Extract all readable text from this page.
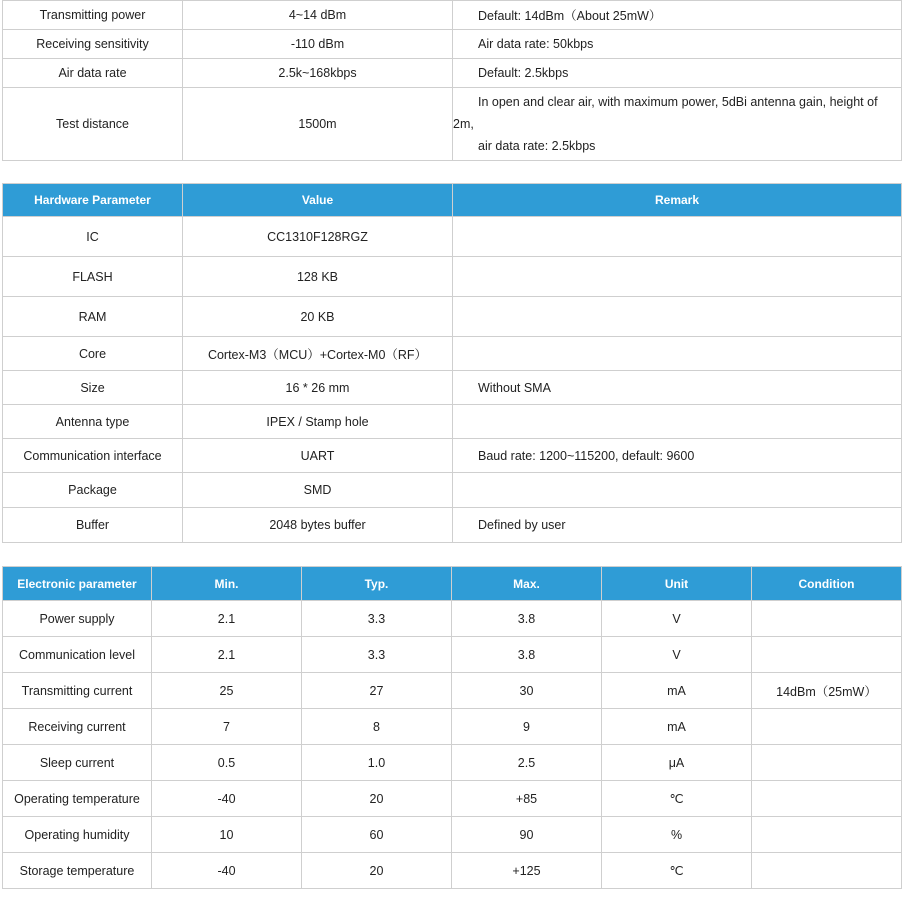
Transmitting power	4~14 dBm	Default: 14dBm（About 25mW）
Receiving sensitivity	-110 dBm	Air data rate: 50kbps
Air data rate	2.5k~168kbps	Default: 2.5kbps
Test distance	1500m	In open and clear air, with maximum power, 5dBi antenna gain, height of
2m,
air data rate: 2.5kbps
Hardware Parameter	Value	Remark
IC	CC1310F128RGZ	
FLASH	128 KB	
RAM	20 KB	
Core	Cortex-M3（MCU）+Cortex-M0（RF）	
Size	16 * 26 mm	Without SMA
Antenna type	IPEX / Stamp hole	
Communication interface	UART	Baud rate: 1200~115200, default: 9600
Package	SMD	
Buffer	2048 bytes buffer	Defined by user
Electronic parameter	Min.	Typ.	Max.	Unit	Condition
Power supply	2.1	3.3	3.8	V	
Communication level	2.1	3.3	3.8	V	
Transmitting current	25	27	30	mA	14dBm（25mW）
Receiving current	7	8	9	mA	
Sleep current	0.5	1.0	2.5	μA	
Operating temperature	-40	20	+85	℃	
Operating humidity	10	60	90	%	
Storage temperature	-40	20	+125	℃	
